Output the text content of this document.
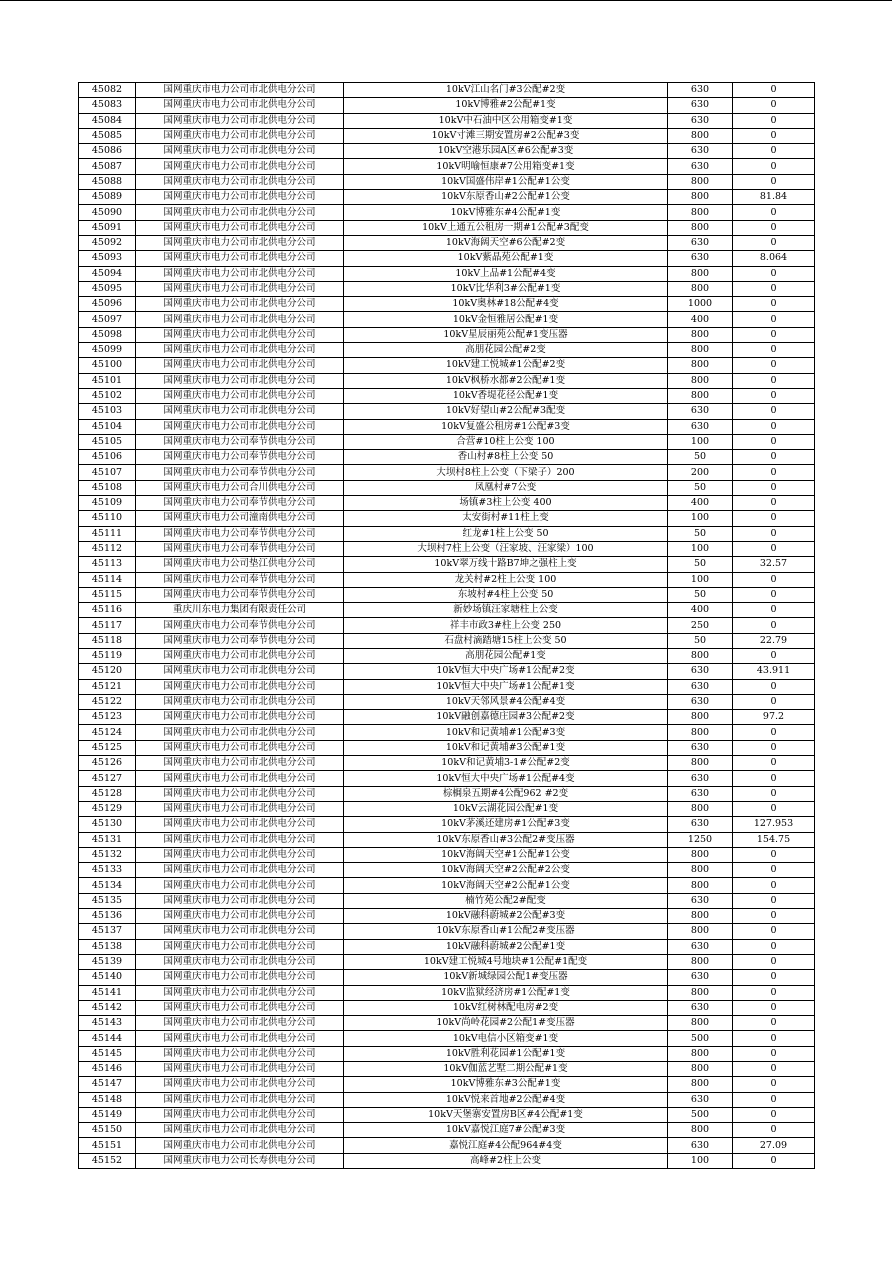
45082	国网重庆市电力公司市北供电分公司	10kV江山名门#3公配#2变	630	0
45083	国网重庆市电力公司市北供电分公司	10kV博雅#2公配#1变	630	0
45084	国网重庆市电力公司市北供电分公司	10kV中石油中区公用箱变#1变	630	0
45085	国网重庆市电力公司市北供电分公司	10kV寸滩三期安置房#2公配#3变	800	0
45086	国网重庆市电力公司市北供电分公司	10kV空港乐园A区#6公配#3变	630	0
45087	国网重庆市电力公司市北供电分公司	10kV明喻恒康#7公用箱变#1变	630	0
45088	国网重庆市电力公司市北供电分公司	10kV国盛伟岸#1公配#1公变	800	0
45089	国网重庆市电力公司市北供电分公司	10kV东原香山#2公配#1公变	800	81.84
45090	国网重庆市电力公司市北供电分公司	10kV博雅东#4公配#1变	800	0
45091	国网重庆市电力公司市北供电分公司	10kV上通五公租房一期#1公配#3配变	800	0
45092	国网重庆市电力公司市北供电分公司	10kV海阔天空#6公配#2变	630	0
45093	国网重庆市电力公司市北供电分公司	10kV紫晶苑公配#1变	630	8.064
45094	国网重庆市电力公司市北供电分公司	10kV上品#1公配#4变	800	0
45095	国网重庆市电力公司市北供电分公司	10kV比华利3#公配#1变	800	0
45096	国网重庆市电力公司市北供电分公司	10kV奥林#18公配#4变	1000	0
45097	国网重庆市电力公司市北供电分公司	10kV金恒雅居公配#1变	400	0
45098	国网重庆市电力公司市北供电分公司	10kV星辰丽苑公配#1变压器	800	0
45099	国网重庆市电力公司市北供电分公司	高朋花园公配#2变	800	0
45100	国网重庆市电力公司市北供电分公司	10kV建工悦城#1公配#2变	800	0
45101	国网重庆市电力公司市北供电分公司	10kV枫桥水都#2公配#1变	800	0
45102	国网重庆市电力公司市北供电分公司	10kV香堤花径公配#1变	800	0
45103	国网重庆市电力公司市北供电分公司	10kV好望山#2公配#3配变	630	0
45104	国网重庆市电力公司市北供电分公司	10kV复盛公租房#1公配#3变	630	0
45105	国网重庆市电力公司奉节供电分公司	合营#10柱上公变 100	100	0
45106	国网重庆市电力公司奉节供电分公司	香山村#8柱上公变 50	50	0
45107	国网重庆市电力公司奉节供电分公司	大坝村8柱上公变（下梁子）200	200	0
45108	国网重庆市电力公司合川供电分公司	凤凰村#7公变	50	0
45109	国网重庆市电力公司奉节供电分公司	场镇#3柱上公变 400	400	0
45110	国网重庆市电力公司潼南供电分公司	太安街村#11柱上变	100	0
45111	国网重庆市电力公司奉节供电分公司	红龙#1柱上公变 50	50	0
45112	国网重庆市电力公司奉节供电分公司	大坝村7柱上公变（汪家坡、汪家梁）100	100	0
45113	国网重庆市电力公司垫江供电分公司	10kV翠万线十路B7坤之强柱上变	50	32.57
45114	国网重庆市电力公司奉节供电分公司	龙关村#2柱上公变 100	100	0
45115	国网重庆市电力公司奉节供电分公司	东坡村#4柱上公变 50	50	0
45116	重庆川东电力集团有限责任公司	新妙场镇汪家塘柱上公变	400	0
45117	国网重庆市电力公司奉节供电分公司	祥丰市政3#柱上公变 250	250	0
45118	国网重庆市电力公司奉节供电分公司	石盘村滴踏塘15柱上公变 50	50	22.79
45119	国网重庆市电力公司市北供电分公司	高朋花园公配#1变	800	0
45120	国网重庆市电力公司市北供电分公司	10kV恒大中央广场#1公配#2变	630	43.911
45121	国网重庆市电力公司市北供电分公司	10kV恒大中央广场#1公配#1变	630	0
45122	国网重庆市电力公司市北供电分公司	10kV天邻风景#4公配#4变	630	0
45123	国网重庆市电力公司市北供电分公司	10kV融创嘉德庄园#3公配#2变	800	97.2
45124	国网重庆市电力公司市北供电分公司	10kV和记黄埔#1公配#3变	800	0
45125	国网重庆市电力公司市北供电分公司	10kV和记黄埔#3公配#1变	630	0
45126	国网重庆市电力公司市北供电分公司	10kV和记黄埔3-1#公配#2变	800	0
45127	国网重庆市电力公司市北供电分公司	10kV恒大中央广场#1公配#4变	630	0
45128	国网重庆市电力公司市北供电分公司	棕榈泉五期#4公配962 #2变	630	0
45129	国网重庆市电力公司市北供电分公司	10kV云湖花园公配#1变	800	0
45130	国网重庆市电力公司市北供电分公司	10kV茅溪还建房#1公配#3变	630	127.953
45131	国网重庆市电力公司市北供电分公司	10kV东原香山#3公配2#变压器	1250	154.75
45132	国网重庆市电力公司市北供电分公司	10kV海阔天空#1公配#1公变	800	0
45133	国网重庆市电力公司市北供电分公司	10kV海阔天空#2公配#2公变	800	0
45134	国网重庆市电力公司市北供电分公司	10kV海阔天空#2公配#1公变	800	0
45135	国网重庆市电力公司市北供电分公司	楠竹苑公配2#配变	630	0
45136	国网重庆市电力公司市北供电分公司	10kV融科蔚城#2公配#3变	800	0
45137	国网重庆市电力公司市北供电分公司	10kV东原香山#1公配2#变压器	800	0
45138	国网重庆市电力公司市北供电分公司	10kV融科蔚城#2公配#1变	630	0
45139	国网重庆市电力公司市北供电分公司	10kV建工悦城4号地块#1公配#1配变	800	0
45140	国网重庆市电力公司市北供电分公司	10kV新城绿园公配1#变压器	630	0
45141	国网重庆市电力公司市北供电分公司	10kV监狱经济房#1公配#1变	800	0
45142	国网重庆市电力公司市北供电分公司	10kV红树林配电房#2变	630	0
45143	国网重庆市电力公司市北供电分公司	10kV尚岭花园#2公配1#变压器	800	0
45144	国网重庆市电力公司市北供电分公司	10kV电信小区箱变#1变	500	0
45145	国网重庆市电力公司市北供电分公司	10kV胜利花园#1公配#1变	800	0
45146	国网重庆市电力公司市北供电分公司	10kV伽蓝艺墅二期公配#1变	800	0
45147	国网重庆市电力公司市北供电分公司	10kV博雅东#3公配#1变	800	0
45148	国网重庆市电力公司市北供电分公司	10kV悦来首地#2公配#4变	630	0
45149	国网重庆市电力公司市北供电分公司	10kV天堡寨安置房B区#4公配#1变	500	0
45150	国网重庆市电力公司市北供电分公司	10kV嘉悦江庭7#公配#3变	800	0
45151	国网重庆市电力公司市北供电分公司	嘉悦江庭#4公配964#4变	630	27.09
45152	国网重庆市电力公司长寿供电分公司	高峰#2柱上公变	100	0
